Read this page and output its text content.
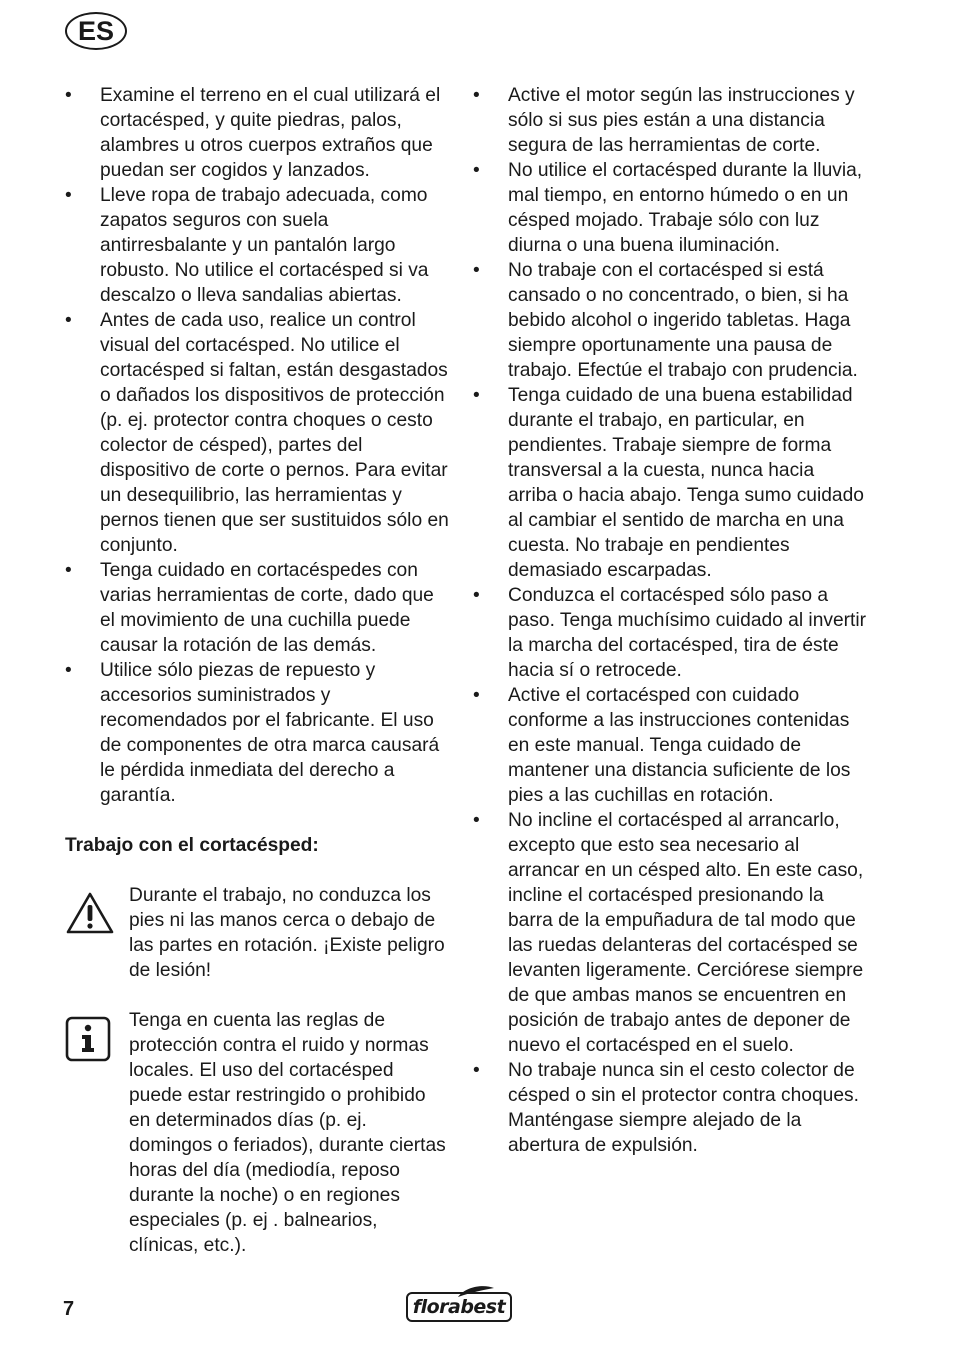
ES
• Examine el terreno en el cual utilizará el cortacésped, y quite piedras, palos, alambres u otros cuerpos extraños que puedan ser cogidos y lanzados.
• Lleve ropa de trabajo adecuada, como zapatos seguros con suela antirresbalante y un pantalón largo robusto. No utilice el cortacésped si va descalzo o lleva sandalias abiertas.
• Antes de cada uso, realice un control visual del cortacésped. No utilice el cortacésped si faltan, están desgastados o dañados los dispositivos de protección (p. ej. protector contra choques o cesto colector de césped), partes del dispositivo de corte o pernos. Para evitar un desequilibrio, las herramientas y pernos tienen que ser sustituidos sólo en conjunto.
• Tenga cuidado en cortacéspedes con varias herramientas de corte, dado que el movimiento de una cuchilla puede causar la rotación de las demás.
• Utilice sólo piezas de repuesto y accesorios suministrados y recomendados por el fabricante. El uso de componentes de otra marca causará le pérdida inmediata del derecho a garantía.
Trabajo con el cortacésped:
Durante el trabajo, no conduzca los pies ni las manos cerca o debajo de las partes en rotación. ¡Existe peligro de lesión!
Tenga en cuenta las reglas de protección contra el ruido y normas locales. El uso del cortacésped puede estar restringido o prohibido en determinados días (p. ej. domingos o feriados), durante ciertas horas del día (mediodía, reposo durante la noche) o en regiones especiales (p. ej . balnearios, clínicas, etc.).
• Active el motor según las instrucciones y sólo si sus pies están a una distancia segura de las herramientas de corte.
• No utilice el cortacésped durante la lluvia, mal tiempo, en entorno húmedo o en un césped mojado. Trabaje sólo con luz diurna o una buena iluminación.
• No trabaje con el cortacésped si está cansado o no concentrado, o bien, si ha bebido alcohol o ingerido tabletas. Haga siempre oportunamente una pausa de trabajo. Efectúe el trabajo con prudencia.
• Tenga cuidado de una buena estabilidad durante el trabajo, en particular, en pendientes. Trabaje siempre de forma transversal a la cuesta, nunca hacia arriba o hacia abajo. Tenga sumo cuidado al cambiar el sentido de marcha en una cuesta. No trabaje en pendientes demasiado escarpadas.
• Conduzca el cortacésped sólo paso a paso. Tenga muchísimo cuidado al invertir la marcha del cortacésped, tira de éste hacia sí o retrocede.
• Active el cortacésped con cuidado conforme a las instrucciones contenidas en este manual. Tenga cuidado de mantener una distancia suficiente de los pies a las cuchillas en rotación.
• No incline el cortacésped al arrancarlo, excepto que esto sea necesario al arrancar en un césped alto. En este caso, incline el cortacésped presionando la barra de la empuñadura de tal modo que las ruedas delanteras del cortacésped se levanten ligeramente. Cerciórese siempre de que ambas manos se encuentren en posición de trabajo antes de deponer de nuevo el cortacésped en el suelo.
• No trabaje nunca sin el cesto colector de césped o sin el protector contra choques. Manténgase siempre alejado de la abertura de expulsión.
7	florabest
